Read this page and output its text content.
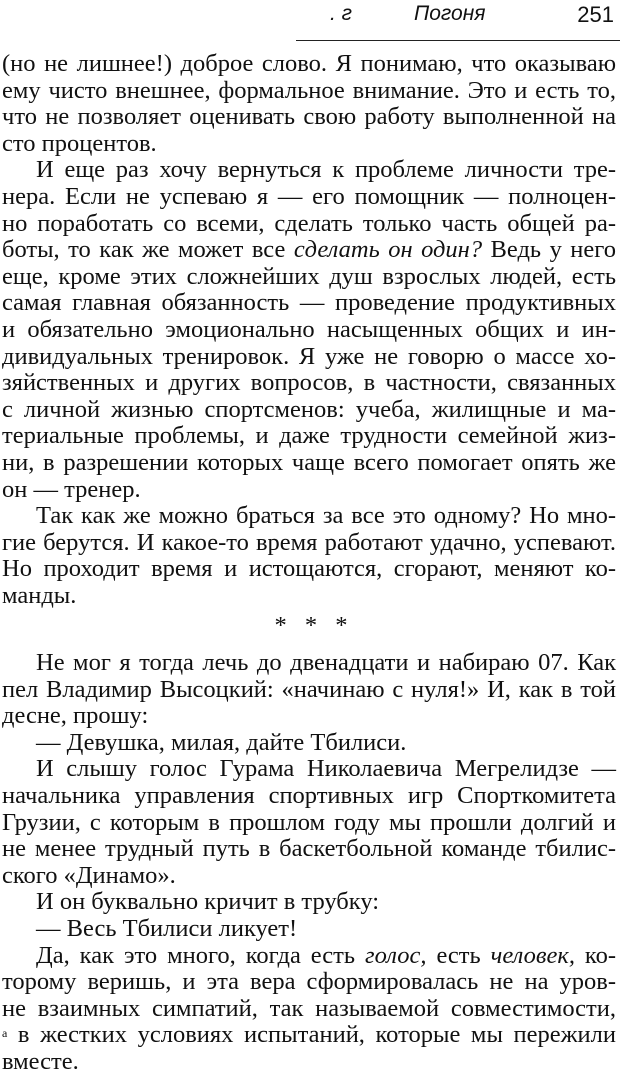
. г	Погоня	251
(но не лишнее!) доброе слово. Я понимаю, что оказываю
ему чисто внешнее, формальное внимание. Это и есть то,
что не позволяет оценивать свою работу выполненной на
сто процентов.
И еще раз хочу вернуться к проблеме личности тре-
нера. Если не успеваю я — его помощник — полноцен-
но поработать со всеми, сделать только часть общей ра-
боты, то как же может все сделать он один? Ведь у него
еще, кроме этих сложнейших душ взрослых людей, есть
самая главная обязанность — проведение продуктивных
и обязательно эмоционально насыщенных общих и ин-
дивидуальных тренировок. Я уже не говорю о массе хо-
зяйственных и других вопросов, в частности, связанных
с личной жизнью спортсменов: учеба, жилищные и ма-
териальные проблемы, и даже трудности семейной жиз-
ни, в разрешении которых чаще всего помогает опять же
он — тренер.
Так как же можно браться за все это одному? Но мно-
гие берутся. И какое-то время работают удачно, успевают.
Но проходит время и истощаются, сгорают, меняют ко-
манды.
* * *
Не мог я тогда лечь до двенадцати и набираю 07. Как
пел Владимир Высоцкий: «начинаю с нуля!» И, как в той
десне, прошу:
— Девушка, милая, дайте Тбилиси.
И слышу голос Гурама Николаевича Мегрелидзе —
начальника управления спортивных игр Спорткомитета
Грузии, с которым в прошлом году мы прошли долгий и
не менее трудный путь в баскетбольной команде тбилис-
ского «Динамо».
И он буквально кричит в трубку:
— Весь Тбилиси ликует!
Да, как это много, когда есть голос, есть человек, ко-
торому веришь, и эта вера сформировалась не на уров-
не взаимных симпатий, так называемой совместимости,
$^а$ в жестких условиях испытаний, которые мы пережили
вместе.
